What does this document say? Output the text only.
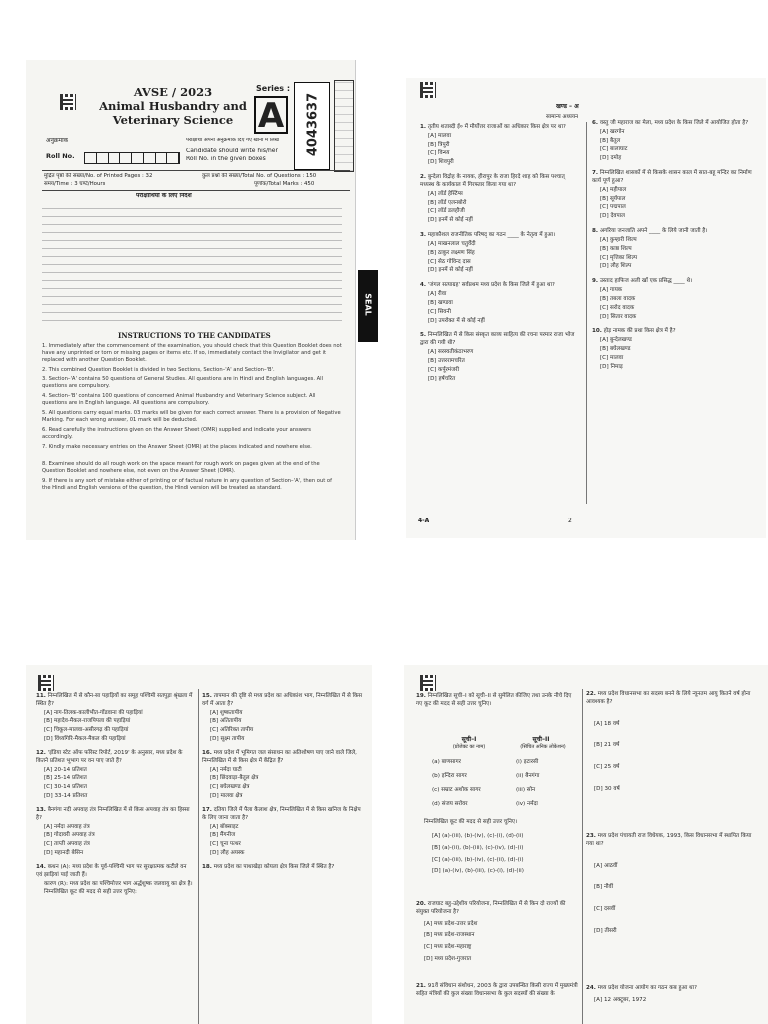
AVSE / 2023
Animal Husbandry and
Veterinary Science
Series :
A 4043637
अनुक्रमांक
Roll No.
परीक्षार्थी अपना अनुक्रमांक दिए गए खानों में लिखें
Candidate should write his/her
Roll No. in the given boxes
मुद्रित पृष्ठों की संख्या/No. of Printed Pages : 32	कुल प्रश्नों की संख्या/Total No. of Questions : 150
समय/Time : 3 घण्टे/Hours	पूर्णांक/Total Marks : 450
परीक्षार्थियों के लिए निर्देश
INSTRUCTIONS TO THE CANDIDATES

1. Immediately after the commencement of the examination, you should check that this Question Booklet does not have any unprinted or torn or missing pages or items etc. If so, immediately contact the Invigilator and get it replaced with another Question Booklet.

2. This combined Question Booklet is divided in two Sections, Section–'A' and Section–'B'.

3. Section–'A' contains 50 questions of General Studies. All questions are in Hindi and English languages. All questions are compulsory.

4. Section–'B' contains 100 questions of concerned Animal Husbandry and Veterinary Science subject. All questions are in English language. All questions are compulsory.

5. All questions carry equal marks. 03 marks will be given for each correct answer. There is a provision of Negative Marking. For each wrong answer, 01 mark will be deducted.

6. Read carefully the instructions given on the Answer Sheet (OMR) supplied and indicate your answers accordingly.

7. Kindly make necessary entries on the Answer Sheet (OMR) at the places indicated and nowhere else.

8. Examinee should do all rough work on the space meant for rough work on pages given at the end of the Question Booklet and nowhere else, not even on the Answer Sheet (OMR).

9. If there is any sort of mistake either of printing or of factual nature in any question of Section–'A', then out of the Hindi and English versions of the question, the Hindi version will be treated as standard.

SEAL
खण्ड – अ
सामान्य अध्ययन
1. तृतीय शताब्दी ई० में मौर्योत्तर राजाओं का अधिकार किस क्षेत्र पर था?
[A] मालवा
[B] त्रिपुरी
[C] विन्ध्य
[D] शिवपुरी
2. बुन्देला विद्रोह के नायक, हीरापुर के राजा हिरदे शाह को किस पश्चात् मध्यस्थ के कार्यकाल में गिरफ्तार किया गया था?
[A] लॉर्ड हेस्टिंग्स
[B] लॉर्ड एलनबोरो
[C] लॉर्ड डलहौजी
[D] इनमें से कोई नहीं
3. महाकौशल राजनीतिक परिषद् का गठन ____ के नेतृत्व में हुआ।
[A] माखनलाल चतुर्वेदी
[B] ठाकुर लक्ष्मण सिंह
[C] सेठ गोविन्द दास
[D] इनमें से कोई नहीं
4. 'जंगल सत्याग्रह' सर्वप्रथम मध्य प्रदेश के किस जिले में हुआ था?
[A] रीवा
[B] खण्डवा
[C] सिवनी
[D] उपरोक्त में से कोई नहीं
5. निम्नलिखित में से किस संस्कृत काव्य साहित्य की रचना परमार राजा भोज द्वारा की गयी थी?
[A] सरस्वतीकंठाभरण
[B] उत्तररामचरित
[C] कर्पूरमंजरी
[D] हर्षचरित
6. वस्तु जी महाराज का मेला, मध्य प्रदेश के किस जिले में आयोजित होता है?
[A] खरगोन
[B] बैतूल
[C] बालाघाट
[D] दमोह
7. निम्नलिखित शासकों में से किसके शासन काल में सात-बहू मन्दिर का निर्माण कार्य पूर्ण हुआ?
[A] महीपाल
[B] सूर्यपाल
[C] पद्मपाल
[D] देवपाल
8. अगरिया जनजाति अपने ____ के लिये जानी जाती है।
[A] कुम्हारी शिल्प
[B] काष्ठ शिल्प
[C] मृत्तिका शिल्प
[D] लौह शिल्प
9. उस्ताद हाफिज अली खाँ एक प्रसिद्ध ____ थे।
[A] गायक
[B] तबला वादक
[C] सरोद वादक
[D] सितार वादक
10. होड़ नामक की प्रथा किस क्षेत्र में है?
[A] बुन्देलखण्ड
[B] बघेलखण्ड
[C] मालवा
[D] निमाड़
4-A	2
11. निम्नलिखित में से कौन-सा पहाड़ियों का समूह पश्चिमी सतपुड़ा श्रृंखला में स्थित है?
[A] नाग-तिलक-कालीभीत-गोंडवाना की पहाड़ियां
[B] महादेव-मैकल-राजपिपला की पहाड़ियां
[C] चिकूल-मालवा-असीरगढ़ की पहाड़ियां
[D] विंध्यगिरि-मैकल-मैकल की पहाड़ियां
12. 'इंडिया स्टेट ऑफ फॉरेस्ट रिपोर्ट, 2019' के अनुसार, मध्य प्रदेश के कितने प्रतिशत भूभाग पर वन पाए जाते हैं?
[A] 20-14 प्रतिशत
[B] 25-14 प्रतिशत
[C] 30-14 प्रतिशत
[D] 33-14 प्रतिशत
13. बैनगंगा नदी अपवाह तंत्र निम्नलिखित में से किस अपवाह तंत्र का हिस्सा है?
[A] नर्मदा अपवाह तंत्र
[B] गोदावरी अपवाह तंत्र
[C] ताप्ती अपवाह तंत्र
[D] महानदी बेसिन
14. कथन (A): मध्य प्रदेश के पूर्व-पश्चिमी भाग पर सुरक्षात्मक कटीले वन एवं झाड़ियां पाई जाती हैं।
कारण (R): मध्य प्रदेश का पश्चिमोत्तर भाग अर्द्धशुष्क जलवायु का क्षेत्र है।
निम्नलिखित कूट की मदद से सही उत्तर चुनिए:
15. तापमान की दृष्टि से मध्य प्रदेश का अधिकांश भाग, निम्नलिखित में से किस वर्ग में आता है?
[A] शुष्कतापीय
[B] अतितापीय
[C] अतिरिक्त तापीय
[D] सूक्ष्म तापीय
16. मध्य प्रदेश में भूमिगत जल संसाधन का अतिशोषण पाए जाने वाले जिले, निम्नलिखित में से किस क्षेत्र में केंद्रित हैं?
[A] नर्मदा घाटी
[B] छिंदवाड़ा-बैतूल क्षेत्र
[C] बघेलखण्ड क्षेत्र
[D] मालवा क्षेत्र
17. दतिया जिले में पैला कैलाश क्षेत्र, निम्नलिखित में से किस खनिज के निक्षेप के लिए जाना जाता है?
[A] बॉक्साइट
[B] मैंगनीज
[C] चूना पत्थर
[D] लौह अयस्क
18. मध्य प्रदेश का पाथाखेड़ा कोयला क्षेत्र किस जिले में स्थित है?
19. निम्नलिखित सूची–I को सूची–II से सुमेलित कीजिए तथा उनके नीचे दिए गए कूट की मदद से सही उत्तर चुनिए।
सूची–I
(प्रोजेक्ट का नाम)
सूची–II
(सिंचित अनिक लोकेशन)
(a) बाणसागर	(i) इटारसी
(b) इन्दिरा सागर	(ii) बैनगंगा
(c) सम्राट अशोक सागर	(iii) सोन
(d) संजय सरोवर	(iv) नर्मदा
निम्नलिखित कूट की मदद से सही उत्तर चुनिए।
[A] (a)-(iii), (b)-(iv), (c)-(i), (d)-(ii)
[B] (a)-(ii), (b)-(iii), (c)-(iv), (d)-(i)
[C] (a)-(iii), (b)-(iv), (c)-(ii), (d)-(i)
[D] (a)-(iv), (b)-(iii), (c)-(i), (d)-(ii)
20. राजघाट बहु-उद्देशीय परियोजना, निम्नलिखित में से किन दो राज्यों की संयुक्त परियोजना है?
[A] मध्य प्रदेश-उत्तर प्रदेश
[B] मध्य प्रदेश-राजस्थान
[C] मध्य प्रदेश-महाराष्ट्र
[D] मध्य प्रदेश-गुजरात
21. 91वें संविधान संशोधन, 2003 के द्वारा उपबन्धित किसी राज्य में मुख्यमंत्री सहित मंत्रियों की कुल संख्या विधानसभा के कुल सदस्यों की संख्या के
22. मध्य प्रदेश विधानसभा का सदस्य बनने के लिये न्यूनतम आयु कितने वर्ष होना आवश्यक है?
[A] 18 वर्ष
[B] 21 वर्ष
[C] 25 वर्ष
[D] 30 वर्ष
23. मध्य प्रदेश पंचायती राज विधेयक, 1993, किस विधानसभा में स्थापित किया गया था?
[A] आठवीं
[B] नौवीं
[C] दसवीं
[D] तीसरी
24. मध्य प्रदेश योजना आयोग का गठन कब हुआ था?
[A] 12 अक्टूबर, 1972
